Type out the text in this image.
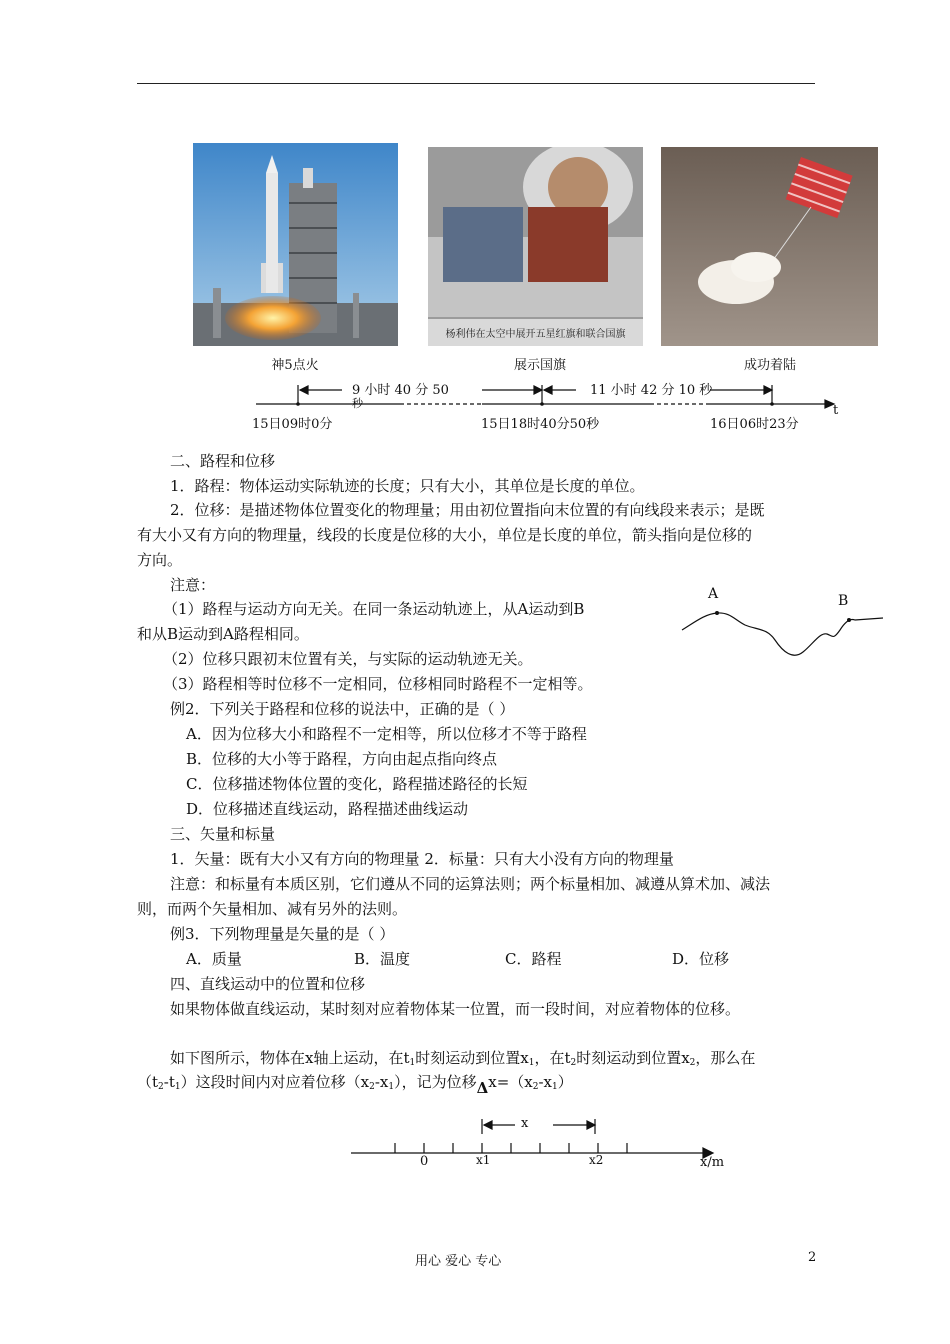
杨利伟在太空中展开五星红旗和联合国旗
神5点火	展示国旗	成功着陆
9 小时 40 分 50
秒
11 小时 42 分 10 秒
15日09时0分	15日18时40分50秒	16日06时23分
t
二、路程和位移
1．路程：物体运动实际轨迹的长度；只有大小，其单位是长度的单位。
2．位移：是描述物体位置变化的物理量；用由初位置指向末位置的有向线段来表示；是既
有大小又有方向的物理量，线段的长度是位移的大小，单位是长度的单位，箭头指向是位移的
方向。
注意：
（1）路程与运动方向无关。在同一条运动轨迹上，从A运动到B
和从B运动到A路程相同。
（2）位移只跟初末位置有关，与实际的运动轨迹无关。
（3）路程相等时位移不一定相同，位移相同时路程不一定相等。
例2．下列关于路程和位移的说法中，正确的是（ ）
A．因为位移大小和路程不一定相等，所以位移才不等于路程
B．位移的大小等于路程，方向由起点指向终点
C．位移描述物体位置的变化，路程描述路径的长短
D．位移描述直线运动，路程描述曲线运动
A	B
三、矢量和标量
1．矢量：既有大小又有方向的物理量 2．标量：只有大小没有方向的物理量
注意：和标量有本质区别，它们遵从不同的运算法则；两个标量相加、减遵从算术加、减法
则，而两个矢量相加、减有另外的法则。
例3．下列物理量是矢量的是（ ）
A．质量	B．温度	C．路程	D．位移
四、直线运动中的位置和位移
如果物体做直线运动，某时刻对应着物体某一位置，而一段时间，对应着物体的位移。
如下图所示，物体在x轴上运动，在$t_1$时刻运动到位置$x_1$，在$t_2$时刻运动到位置$x_2$，那么在
$(t_2-t_1)$这段时间内对应着位移$(x_2-x_1)$，记为位移$\Delta x=(x_2-x_1)$
x
0	x1	x2	x/m
用心 爱心 专心	2
